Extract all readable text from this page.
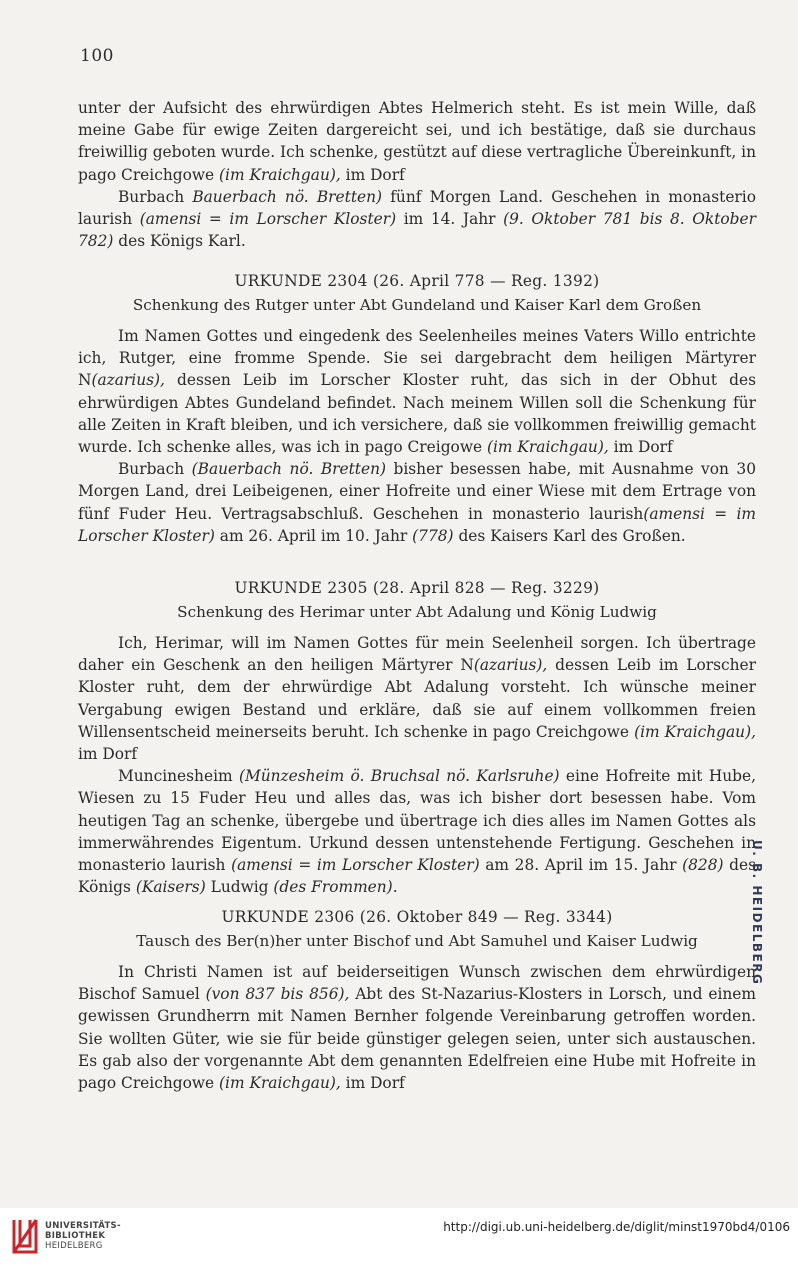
100

unter der Aufsicht des ehrwürdigen Abtes Helmerich steht. Es ist mein Wille, daß meine Gabe für ewige Zeiten dargereicht sei, und ich bestätige, daß sie durchaus freiwillig geboten wurde. Ich schenke, gestützt auf diese vertragliche Übereinkunft, in pago Creichgowe (im Kraichgau), im Dorf

Burbach Bauerbach nö. Bretten) fünf Morgen Land. Geschehen in monasterio laurish (amensi = im Lorscher Kloster) im 14. Jahr (9. Oktober 781 bis 8. Oktober 782) des Königs Karl.

URKUNDE 2304 (26. April 778 — Reg. 1392)
Schenkung des Rutger unter Abt Gundeland und Kaiser Karl dem Großen

Im Namen Gottes und eingedenk des Seelenheiles meines Vaters Willo entrichte ich, Rutger, eine fromme Spende. Sie sei dargebracht dem heiligen Märtyrer N(azarius), dessen Leib im Lorscher Kloster ruht, das sich in der Obhut des ehrwürdigen Abtes Gundeland befindet. Nach meinem Willen soll die Schenkung für alle Zeiten in Kraft bleiben, und ich versichere, daß sie vollkommen freiwillig gemacht wurde. Ich schenke alles, was ich in pago Creigowe (im Kraichgau), im Dorf

Burbach (Bauerbach nö. Bretten) bisher besessen habe, mit Ausnahme von 30 Morgen Land, drei Leibeigenen, einer Hofreite und einer Wiese mit dem Ertrage von fünf Fuder Heu. Vertragsabschluß. Geschehen in monasterio laurish(amensi = im Lorscher Kloster) am 26. April im 10. Jahr (778) des Kaisers Karl des Großen.

URKUNDE 2305 (28. April 828 — Reg. 3229)
Schenkung des Herimar unter Abt Adalung und König Ludwig

Ich, Herimar, will im Namen Gottes für mein Seelenheil sorgen. Ich übertrage daher ein Geschenk an den heiligen Märtyrer N(azarius), dessen Leib im Lorscher Kloster ruht, dem der ehrwürdige Abt Adalung vorsteht. Ich wünsche meiner Vergabung ewigen Bestand und erkläre, daß sie auf einem vollkommen freien Willensentscheid meinerseits beruht. Ich schenke in pago Creichgowe (im Kraichgau), im Dorf

Muncinesheim (Münzesheim ö. Bruchsal nö. Karlsruhe) eine Hofreite mit Hube, Wiesen zu 15 Fuder Heu und alles das, was ich bisher dort besessen habe. Vom heutigen Tag an schenke, übergebe und übertrage ich dies alles im Namen Gottes als immerwährendes Eigentum. Urkund dessen untenstehende Fertigung. Geschehen in monasterio laurish (amensi = im Lorscher Kloster) am 28. April im 15. Jahr (828) des Königs (Kaisers) Ludwig (des Frommen).

URKUNDE 2306 (26. Oktober 849 — Reg. 3344)
Tausch des Ber(n)her unter Bischof und Abt Samuhel und Kaiser Ludwig

In Christi Namen ist auf beiderseitigen Wunsch zwischen dem ehrwürdigen Bischof Samuel (von 837 bis 856), Abt des St-Nazarius-Klosters in Lorsch, und einem gewissen Grundherrn mit Namen Bernher folgende Vereinbarung getroffen worden. Sie wollten Güter, wie sie für beide günstiger gelegen seien, unter sich austauschen. Es gab also der vorgenannte Abt dem genannten Edelfreien eine Hube mit Hofreite in pago Creichgowe (im Kraichgau), im Dorf

U. B. HEIDELBERG
UNIVERSITÄTS-
BIBLIOTHEK
HEIDELBERG
http://digi.ub.uni-heidelberg.de/diglit/minst1970bd4/0106
